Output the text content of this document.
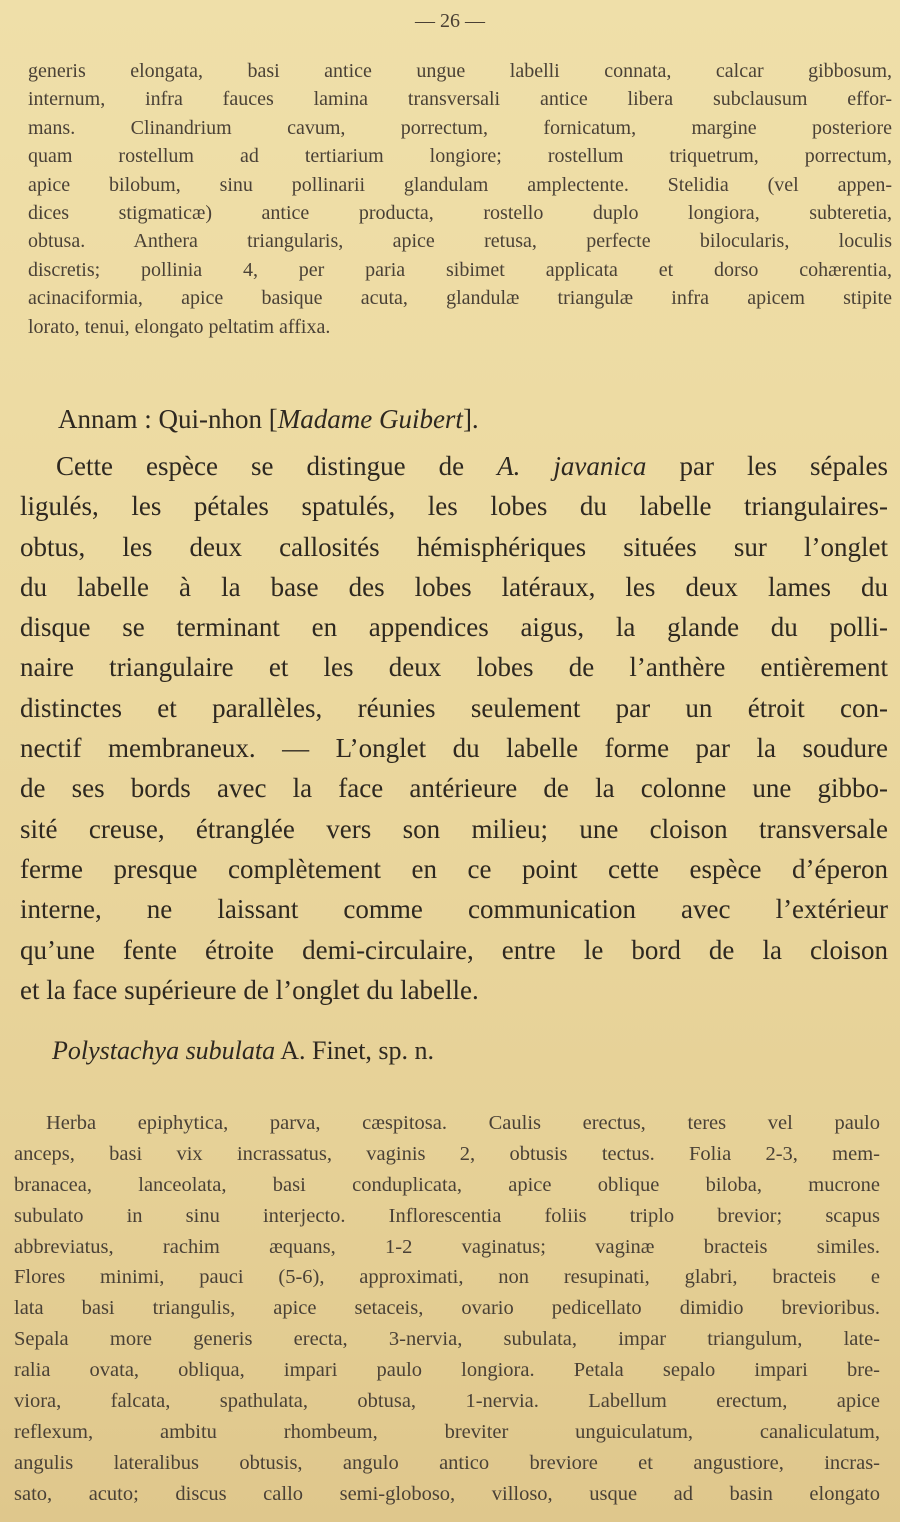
— 26 —
generis elongata, basi antice ungue labelli connata, calcar gibbosum,
internum, infra fauces lamina transversali antice libera subclausum effor-
mans. Clinandrium cavum, porrectum, fornicatum, margine posteriore
quam rostellum ad tertiarium longiore; rostellum triquetrum, porrectum,
apice bilobum, sinu pollinarii glandulam amplectente. Stelidia (vel appen-
dices stigmaticæ) antice producta, rostello duplo longiora, subteretia,
obtusa. Anthera triangularis, apice retusa, perfecte bilocularis, loculis
discretis; pollinia 4, per paria sibimet applicata et dorso cohærentia,
acinaciformia, apice basique acuta, glandulæ triangulæ infra apicem stipite
lorato, tenui, elongato peltatim affixa.
Annam : Qui-nhon [Madame Guibert].
Cette espèce se distingue de A. javanica par les sépales
ligulés, les pétales spatulés, les lobes du labelle triangulaires-
obtus, les deux callosités hémisphériques situées sur l’onglet
du labelle à la base des lobes latéraux, les deux lames du
disque se terminant en appendices aigus, la glande du polli-
naire triangulaire et les deux lobes de l’anthère entièrement
distinctes et parallèles, réunies seulement par un étroit con-
nectif membraneux. — L’onglet du labelle forme par la soudure
de ses bords avec la face antérieure de la colonne une gibbo-
sité creuse, étranglée vers son milieu; une cloison transversale
ferme presque complètement en ce point cette espèce d’éperon
interne, ne laissant comme communication avec l’extérieur
qu’une fente étroite demi-circulaire, entre le bord de la cloison
et la face supérieure de l’onglet du labelle.
Polystachya subulata A. Finet, sp. n.
Herba epiphytica, parva, cæspitosa. Caulis erectus, teres vel paulo
anceps, basi vix incrassatus, vaginis 2, obtusis tectus. Folia 2-3, mem-
branacea, lanceolata, basi conduplicata, apice oblique biloba, mucrone
subulato in sinu interjecto. Inflorescentia foliis triplo brevior; scapus
abbreviatus, rachim æquans, 1-2 vaginatus; vaginæ bracteis similes.
Flores minimi, pauci (5-6), approximati, non resupinati, glabri, bracteis e
lata basi triangulis, apice setaceis, ovario pedicellato dimidio brevioribus.
Sepala more generis erecta, 3-nervia, subulata, impar triangulum, late-
ralia ovata, obliqua, impari paulo longiora. Petala sepalo impari bre-
viora, falcata, spathulata, obtusa, 1-nervia. Labellum erectum, apice
reflexum, ambitu rhombeum, breviter unguiculatum, canaliculatum,
angulis lateralibus obtusis, angulo antico breviore et angustiore, incras-
sato, acuto; discus callo semi-globoso, villoso, usque ad basin elongato
